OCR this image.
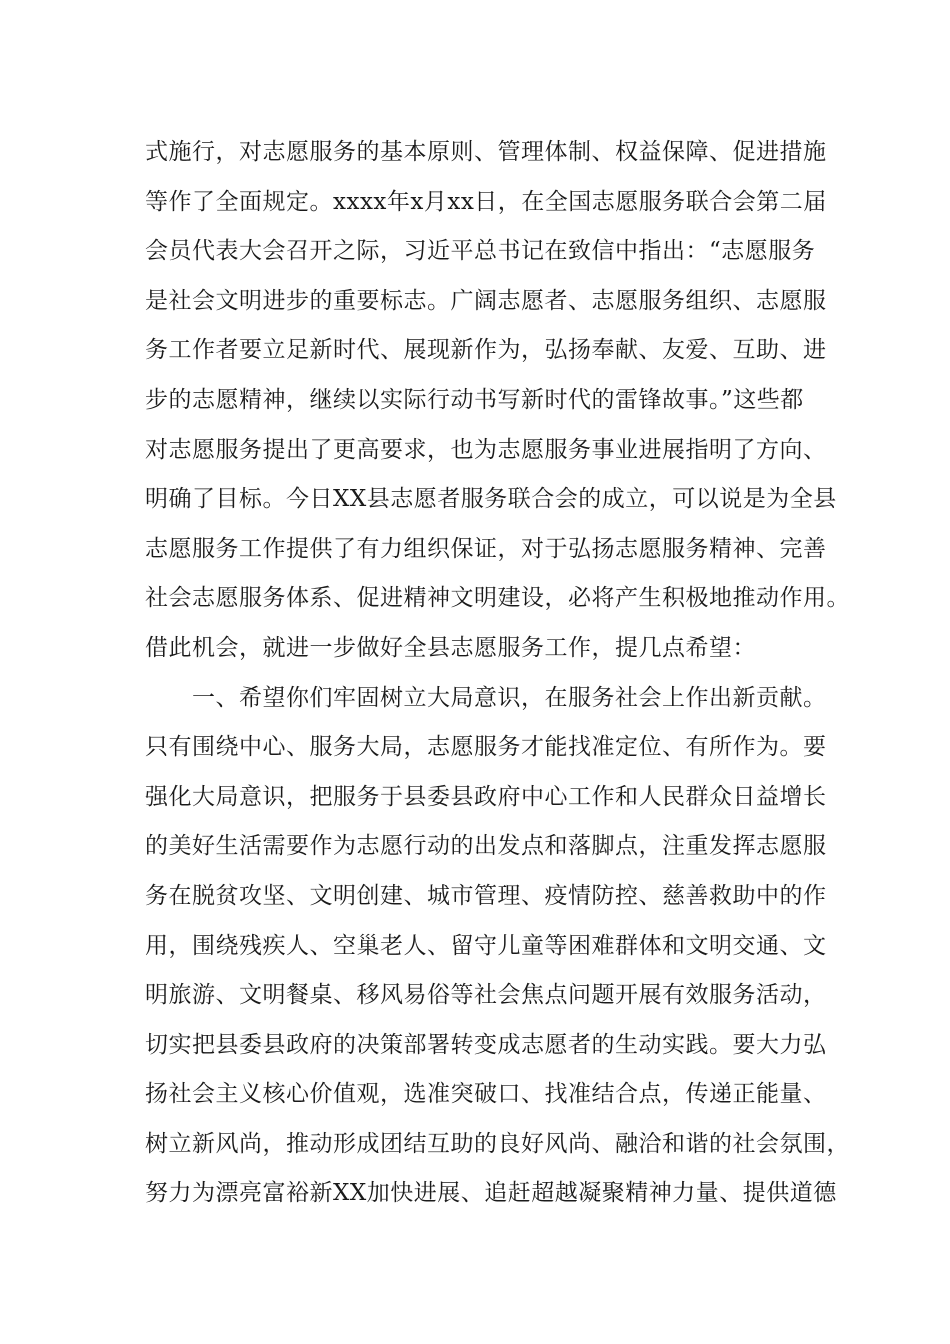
式施行，对志愿服务的基本原则、管理体制、权益保障、促进措施
等作了全面规定。xxxx年x月xx日，在全国志愿服务联合会第二届
会员代表大会召开之际，习近平总书记在致信中指出：“志愿服务
是社会文明进步的重要标志。广阔志愿者、志愿服务组织、志愿服
务工作者要立足新时代、展现新作为，弘扬奉献、友爱、互助、进
步的志愿精神，继续以实际行动书写新时代的雷锋故事。”这些都
对志愿服务提出了更高要求，也为志愿服务事业进展指明了方向、
明确了目标。今日XX县志愿者服务联合会的成立，可以说是为全县
志愿服务工作提供了有力组织保证，对于弘扬志愿服务精神、完善
社会志愿服务体系、促进精神文明建设，必将产生积极地推动作用。
借此机会，就进一步做好全县志愿服务工作，提几点希望：
　　一、希望你们牢固树立大局意识，在服务社会上作出新贡献。
只有围绕中心、服务大局，志愿服务才能找准定位、有所作为。要
强化大局意识，把服务于县委县政府中心工作和人民群众日益增长
的美好生活需要作为志愿行动的出发点和落脚点，注重发挥志愿服
务在脱贫攻坚、文明创建、城市管理、疫情防控、慈善救助中的作
用，围绕残疾人、空巢老人、留守儿童等困难群体和文明交通、文
明旅游、文明餐桌、移风易俗等社会焦点问题开展有效服务活动，
切实把县委县政府的决策部署转变成志愿者的生动实践。要大力弘
扬社会主义核心价值观，选准突破口、找准结合点，传递正能量、
树立新风尚，推动形成团结互助的良好风尚、融洽和谐的社会氛围，
努力为漂亮富裕新XX加快进展、追赶超越凝聚精神力量、提供道德
